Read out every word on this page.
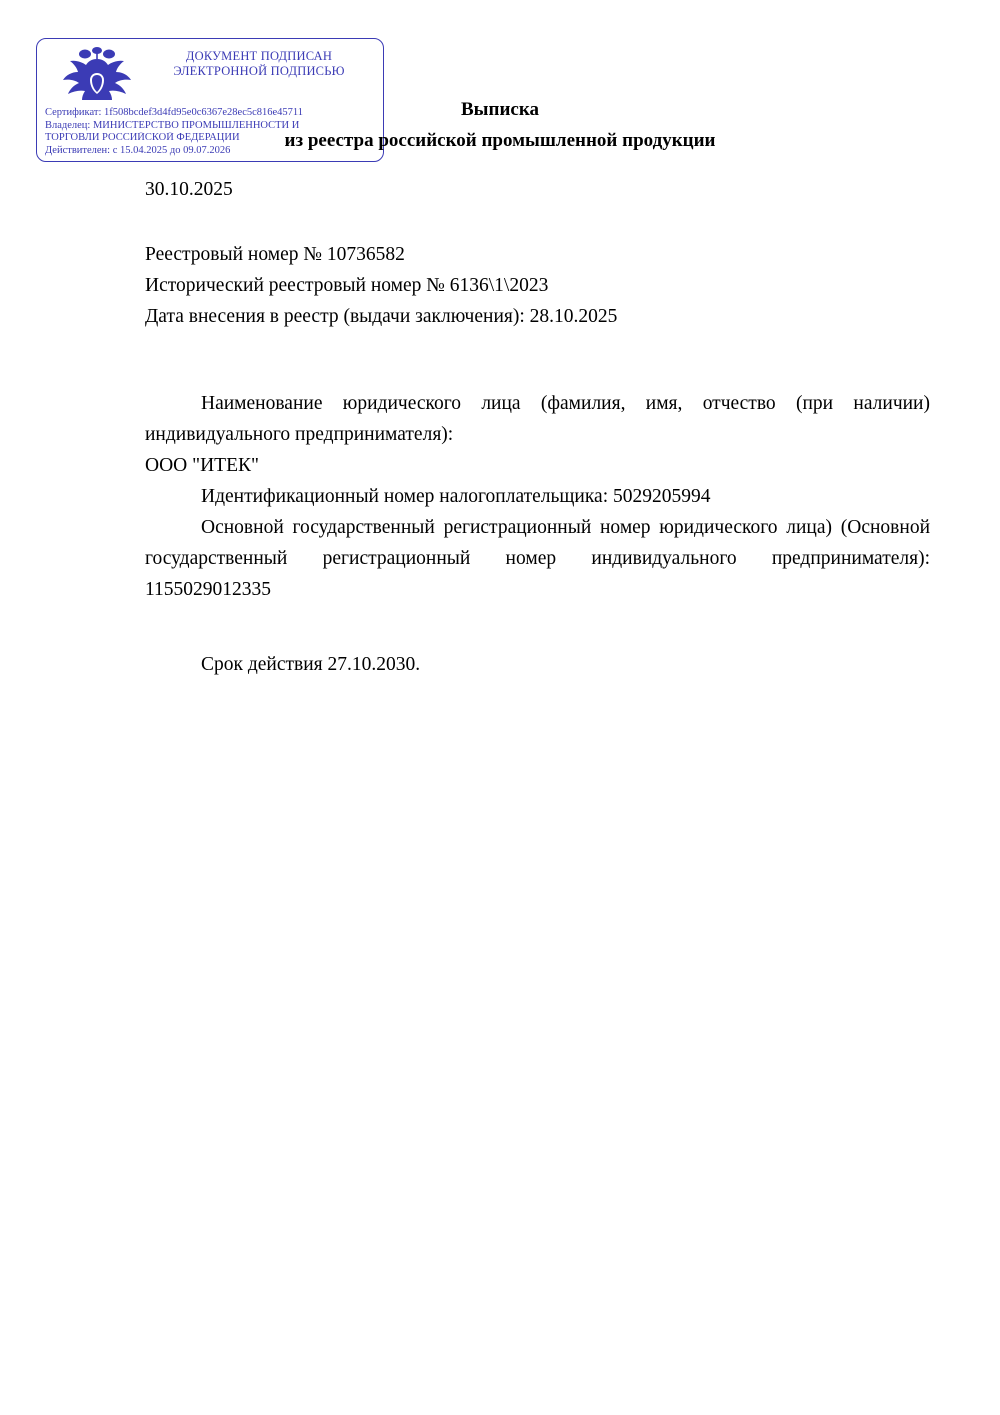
ДОКУМЕНТ ПОДПИСАН
ЭЛЕКТРОННОЙ ПОДПИСЬЮ
Сертификат: 1f508bcdef3d4fd95e0c6367e28ec5c816e45711
Владелец: МИНИСТЕРСТВО ПРОМЫШЛЕННОСТИ И
ТОРГОВЛИ РОССИЙСКОЙ ФЕДЕРАЦИИ
Действителен: с 15.04.2025 до 09.07.2026
Выписка
из реестра российской промышленной продукции

30.10.2025

Реестровый номер № 10736582

Исторический реестровый номер № 6136\1\2023

Дата внесения в реестр (выдачи заключения): 28.10.2025

Наименование юридического лица (фамилия, имя, отчество (при наличии) индивидуального предпринимателя):

ООО "ИТЕК"

Идентификационный номер налогоплательщика: 5029205994

Основной государственный регистрационный номер юридического лица) (Основной государственный регистрационный номер индивидуального предпринимателя): 1155029012335

Срок действия 27.10.2030.
